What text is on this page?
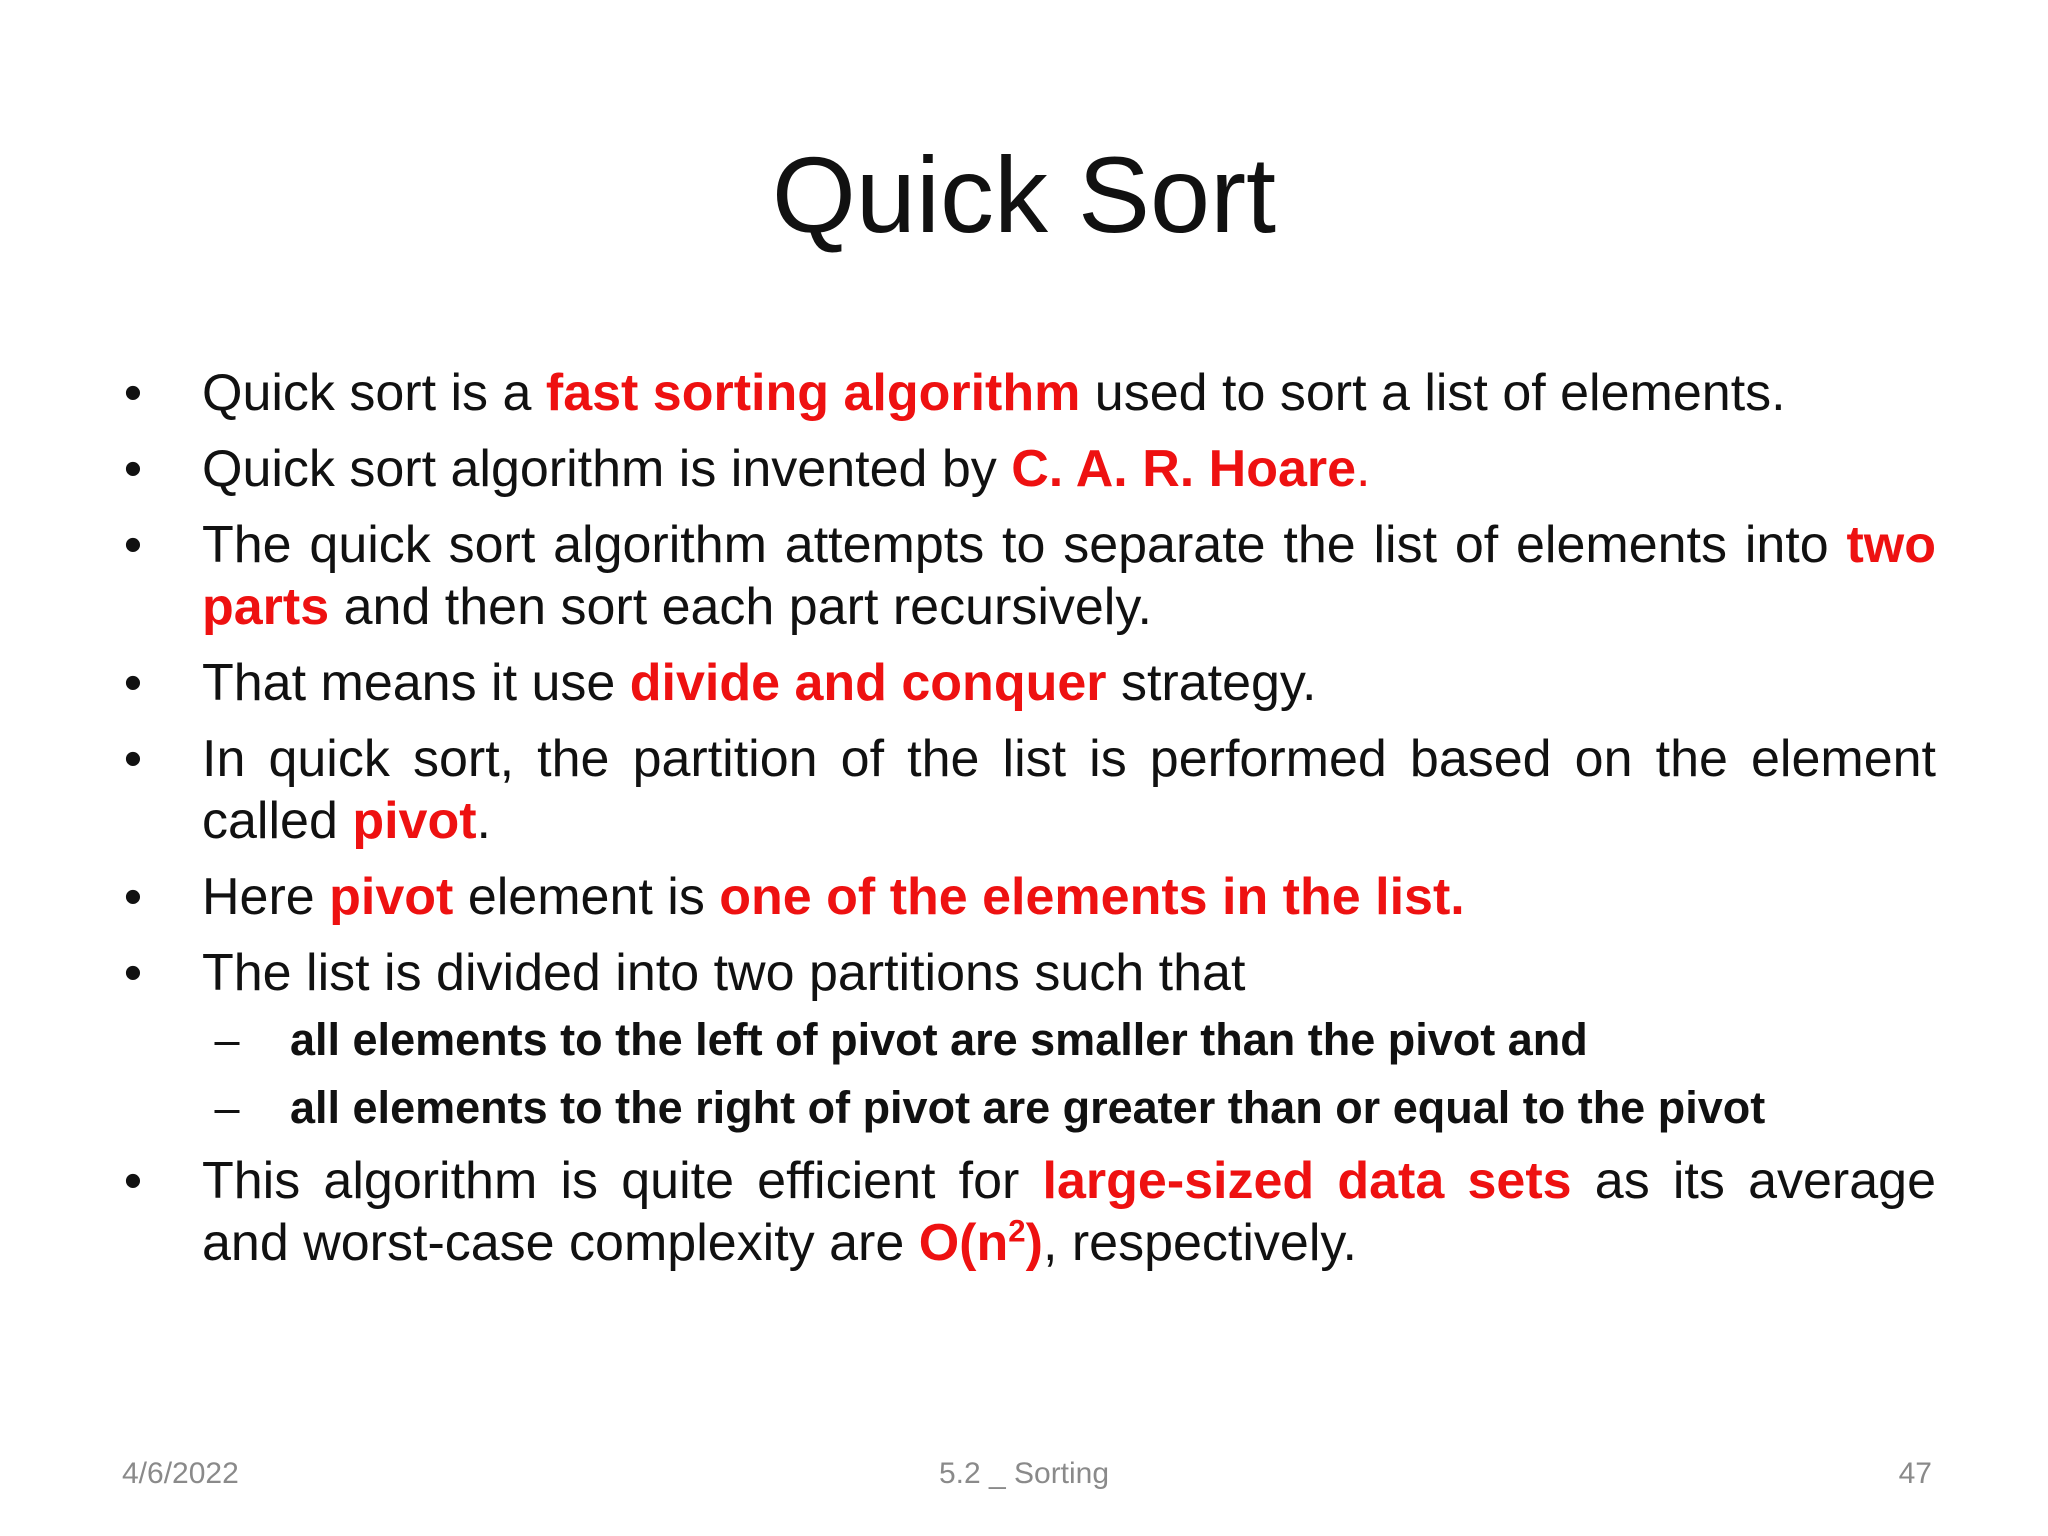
Quick Sort
• Quick sort is a fast sorting algorithm used to sort a list of elements.
• Quick sort algorithm is invented by C. A. R. Hoare.
• The quick sort algorithm attempts to separate the list of elements into two parts and then sort each part recursively.
• That means it use divide and conquer strategy.
• In quick sort, the partition of the list is performed based on the element called pivot.
• Here pivot element is one of the elements in the list.
• The list is divided into two partitions such that
– all elements to the left of pivot are smaller than the pivot and
– all elements to the right of pivot are greater than or equal to the pivot
• This algorithm is quite efficient for large-sized data sets as its average and worst-case complexity are $O(n^2)$, respectively.
4/6/2022	5.2 _ Sorting	47
